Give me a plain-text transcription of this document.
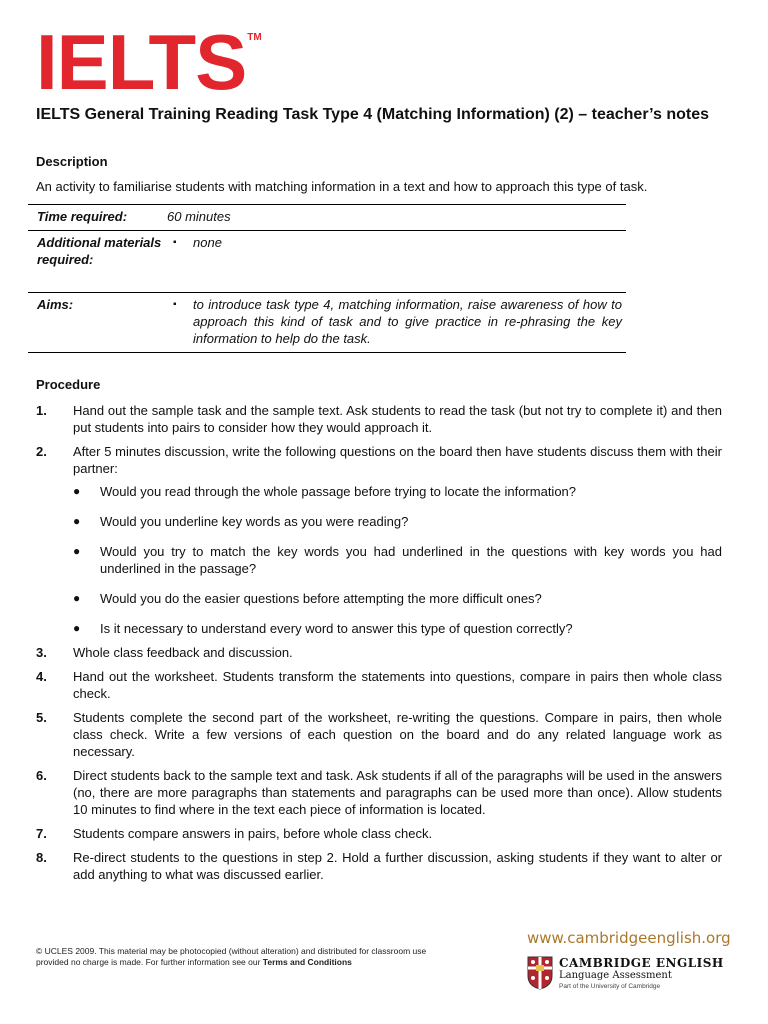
IELTS TM
IELTS General Training Reading Task Type 4 (Matching Information) (2) – teacher’s notes
Description
An activity to familiarise students with matching information in a text and how to approach this type of task.
Time required:	60 minutes	
Additional materials required:	▪	none
Aims:	▪	to introduce task type 4, matching information, raise awareness of how to approach this kind of task and to give practice in re-phrasing the key information to help do the task.
Procedure
1.	Hand out the sample task and the sample text. Ask students to read the task (but not try to complete it) and then put students into pairs to consider how they would approach it.
2.	After 5 minutes discussion, write the following questions on the board then have students discuss them with their partner:
●	Would you read through the whole passage before trying to locate the information?
●	Would you underline key words as you were reading?
●	Would you try to match the key words you had underlined in the questions with key words you had underlined in the passage?
●	Would you do the easier questions before attempting the more difficult ones?
●	Is it necessary to understand every word to answer this type of question correctly?
3.	Whole class feedback and discussion.
4.	Hand out the worksheet. Students transform the statements into questions, compare in pairs then whole class check.
5.	Students complete the second part of the worksheet, re-writing the questions. Compare in pairs, then whole class check. Write a few versions of each question on the board and do any related language work as necessary.
6.	Direct students back to the sample text and task. Ask students if all of the paragraphs will be used in the answers (no, there are more paragraphs than statements and paragraphs can be used more than once). Allow students 10 minutes to find where in the text each piece of information is located.
7.	Students compare answers in pairs, before whole class check.
8.	Re-direct students to the questions in step 2. Hold a further discussion, asking students if they want to alter or add anything to what was discussed earlier.
© UCLES 2009. This material may be photocopied (without alteration) and distributed for classroom use provided no charge is made. For further information see our Terms and Conditions
www.cambridgeenglish.org
CAMBRIDGE ENGLISH
Language Assessment
Part of the University of Cambridge
